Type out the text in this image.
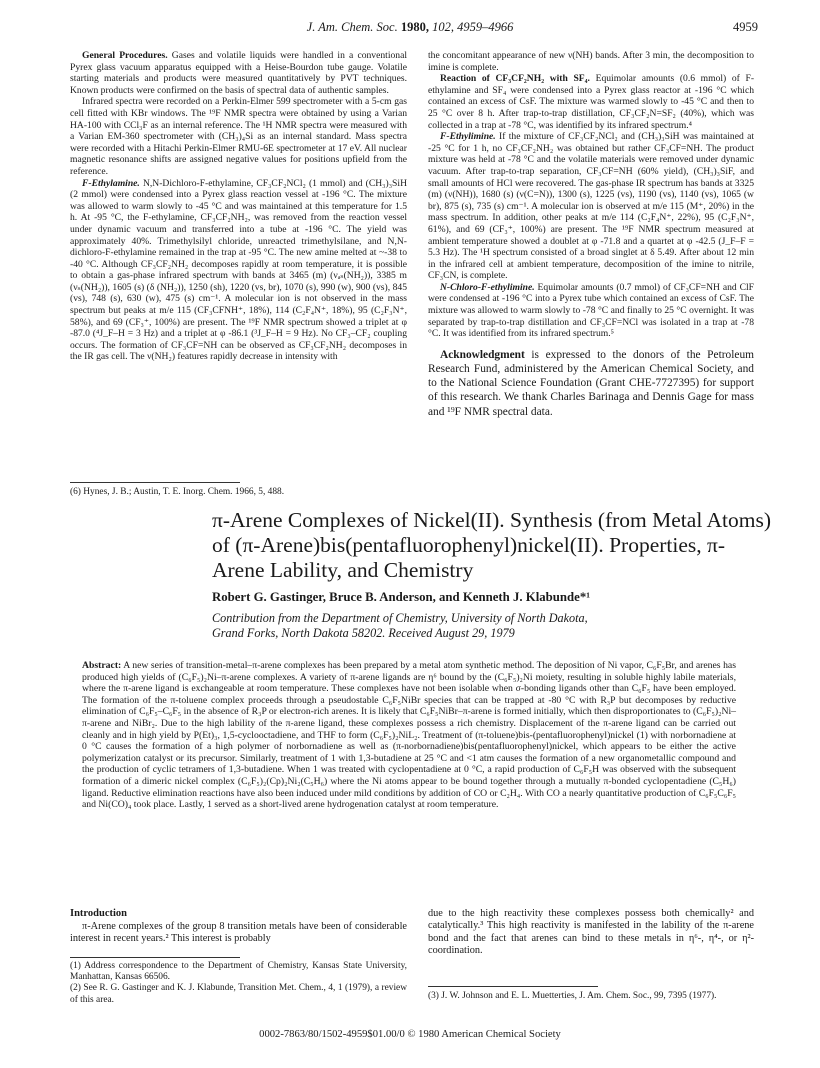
J. Am. Chem. Soc. 1980, 102, 4959–4966	4959

General Procedures. Gases and volatile liquids were handled in a conventional Pyrex glass vacuum apparatus equipped with a Heise-Bourdon tube gauge. Volatile starting materials and products were measured quantitatively by PVT techniques. Known products were confirmed on the basis of spectral data of authentic samples.

Infrared spectra were recorded on a Perkin-Elmer 599 spectrometer with a 5-cm gas cell fitted with KBr windows. The ¹⁹F NMR spectra were obtained by using a Varian HA-100 with CCl₃F as an internal reference. The ¹H NMR spectra were measured with a Varian EM-360 spectrometer with (CH₃)₄Si as an internal standard. Mass spectra were recorded with a Hitachi Perkin-Elmer RMU-6E spectrometer at 17 eV. All nuclear magnetic resonance shifts are assigned negative values for positions upfield from the reference.

F-Ethylamine. N,N-Dichloro-F-ethylamine, CF₃CF₂NCl₂ (1 mmol) and (CH₃)₃SiH (2 mmol) were condensed into a Pyrex glass reaction vessel at -196 °C. The mixture was allowed to warm slowly to -45 °C and was maintained at this temperature for 1.5 h. At -95 °C, the F-ethylamine, CF₃CF₂NH₂, was removed from the reaction vessel under dynamic vacuum and transferred into a tube at -196 °C. The yield was approximately 40%. Trimethylsilyl chloride, unreacted trimethylsilane, and N,N-dichloro-F-ethylamine remained in the trap at -95 °C. The new amine melted at ~-38 to -40 °C. Although CF₃CF₂NH₂ decomposes rapidly at room temperature, it is possible to obtain a gas-phase infrared spectrum with bands at 3465 (m) (νₐₛ(NH₂)), 3385 m (νₛ(NH₂)), 1605 (s) (δ (NH₂)), 1250 (sh), 1220 (vs, br), 1070 (s), 990 (w), 900 (vs), 845 (vs), 748 (s), 630 (w), 475 (s) cm⁻¹. A molecular ion is not observed in the mass spectrum but peaks at m/e 115 (CF₃CFNH⁺, 18%), 114 (C₂F₄N⁺, 18%), 95 (C₂F₃N⁺, 58%), and 69 (CF₃⁺, 100%) are present. The ¹⁹F NMR spectrum showed a triplet at φ -87.0 (⁴J_F–H = 3 Hz) and a triplet at φ -86.1 (³J_F–H = 9 Hz). No CF₃–CF₂ coupling occurs. The formation of CF₃CF=NH can be observed as CF₃CF₂NH₂ decomposes in the IR gas cell. The ν(NH₂) features rapidly decrease in intensity with

(6) Hynes, J. B.; Austin, T. E. Inorg. Chem. 1966, 5, 488.

the concomitant appearance of new ν(NH) bands. After 3 min, the decomposition to imine is complete.

Reaction of CF₃CF₂NH₂ with SF₄. Equimolar amounts (0.6 mmol) of F-ethylamine and SF₄ were condensed into a Pyrex glass reactor at -196 °C which contained an excess of CsF. The mixture was warmed slowly to -45 °C and then to 25 °C over 8 h. After trap-to-trap distillation, CF₃CF₂N=SF₂ (40%), which was collected in a trap at -78 °C, was identified by its infrared spectrum.⁴

F-Ethylimine. If the mixture of CF₃CF₂NCl₂ and (CH₃)₃SiH was maintained at -25 °C for 1 h, no CF₃CF₂NH₂ was obtained but rather CF₃CF=NH. The product mixture was held at -78 °C and the volatile materials were removed under dynamic vacuum. After trap-to-trap separation, CF₃CF=NH (60% yield), (CH₃)₃SiF, and small amounts of HCl were recovered. The gas-phase IR spectrum has bands at 3325 (m) (ν(NH)), 1680 (s) (ν(C=N)), 1300 (s), 1225 (vs), 1190 (vs), 1140 (vs), 1065 (w br), 875 (s), 735 (s) cm⁻¹. A molecular ion is observed at m/e 115 (M⁺, 20%) in the mass spectrum. In addition, other peaks at m/e 114 (C₂F₄N⁺, 22%), 95 (C₂F₃N⁺, 61%), and 69 (CF₃⁺, 100%) are present. The ¹⁹F NMR spectrum measured at ambient temperature showed a doublet at φ -71.8 and a quartet at φ -42.5 (J_F–F = 5.3 Hz). The ¹H spectrum consisted of a broad singlet at δ 5.49. After about 12 min in the infrared cell at ambient temperature, decomposition of the imine to nitrile, CF₃CN, is complete.

N-Chloro-F-ethylimine. Equimolar amounts (0.7 mmol) of CF₃CF=NH and ClF were condensed at -196 °C into a Pyrex tube which contained an excess of CsF. The mixture was allowed to warm slowly to -78 °C and finally to 25 °C overnight. It was separated by trap-to-trap distillation and CF₃CF=NCl was isolated in a trap at -78 °C. It was identified from its infrared spectrum.⁵

Acknowledgment is expressed to the donors of the Petroleum Research Fund, administered by the American Chemical Society, and to the National Science Foundation (Grant CHE-7727395) for support of this research. We thank Charles Barinaga and Dennis Gage for mass and ¹⁹F NMR spectral data.

π-Arene Complexes of Nickel(II). Synthesis (from Metal Atoms) of (π-Arene)bis(pentafluorophenyl)nickel(II). Properties, π-Arene Lability, and Chemistry
Robert G. Gastinger, Bruce B. Anderson, and Kenneth J. Klabunde*¹
Contribution from the Department of Chemistry, University of North Dakota,
Grand Forks, North Dakota 58202. Received August 29, 1979
Abstract: A new series of transition-metal–π-arene complexes has been prepared by a metal atom synthetic method. The deposition of Ni vapor, C₆F₅Br, and arenes has produced high yields of (C₆F₅)₂Ni–π-arene complexes. A variety of π-arene ligands are η⁶ bound by the (C₆F₅)₂Ni moiety, resulting in soluble highly labile materials, where the π-arene ligand is exchangeable at room temperature. These complexes have not been isolable when σ-bonding ligands other than C₆F₅ have been employed. The formation of the π-toluene complex proceeds through a pseudostable C₆F₅NiBr species that can be trapped at -80 °C with R₃P but decomposes by reductive elimination of C₆F₅–C₆F₅ in the absence of R₃P or electron-rich arenes. It is likely that C₆F₅NiBr–π-arene is formed initially, which then disproportionates to (C₆F₅)₂Ni–π-arene and NiBr₂. Due to the high lability of the π-arene ligand, these complexes possess a rich chemistry. Displacement of the π-arene ligand can be carried out cleanly and in high yield by P(Et)₃, 1,5-cyclooctadiene, and THF to form (C₆F₅)₂NiL₂. Treatment of (π-toluene)bis-(pentafluorophenyl)nickel (1) with norbornadiene at 0 °C causes the formation of a high polymer of norbornadiene as well as (π-norbornadiene)bis(pentafluorophenyl)nickel, which appears to be either the active polymerization catalyst or its precursor. Similarly, treatment of 1 with 1,3-butadiene at 25 °C and <1 atm causes the formation of a new organometallic compound and the production of cyclic tetramers of 1,3-butadiene. When 1 was treated with cyclopentadiene at 0 °C, a rapid production of C₆F₅H was observed with the subsequent formation of a dimeric nickel complex (C₆F₅)₂(Cp)₂Ni₂(C₅H₆) where the Ni atoms appear to be bound together through a mutually π-bonded cyclopentadiene (C₅H₆) ligand. Reductive elimination reactions have also been induced under mild conditions by addition of CO or C₂H₄. With CO a nearly quantitative production of C₆F₅C₆F₅ and Ni(CO)₄ took place. Lastly, 1 served as a short-lived arene hydrogenation catalyst at room temperature.
Introduction

π-Arene complexes of the group 8 transition metals have been of considerable interest in recent years.² This interest is probably

due to the high reactivity these complexes possess both chemically² and catalytically.³ This high reactivity is manifested in the lability of the π-arene bond and the fact that arenes can bind to these metals in η⁶-, η⁴-, or η²-coordination.

(1) Address correspondence to the Department of Chemistry, Kansas State University, Manhattan, Kansas 66506.
(2) See R. G. Gastinger and K. J. Klabunde, Transition Met. Chem., 4, 1 (1979), a review of this area.	(3) J. W. Johnson and E. L. Muetterties, J. Am. Chem. Soc., 99, 7395 (1977).
0002-7863/80/1502-4959$01.00/0 © 1980 American Chemical Society
